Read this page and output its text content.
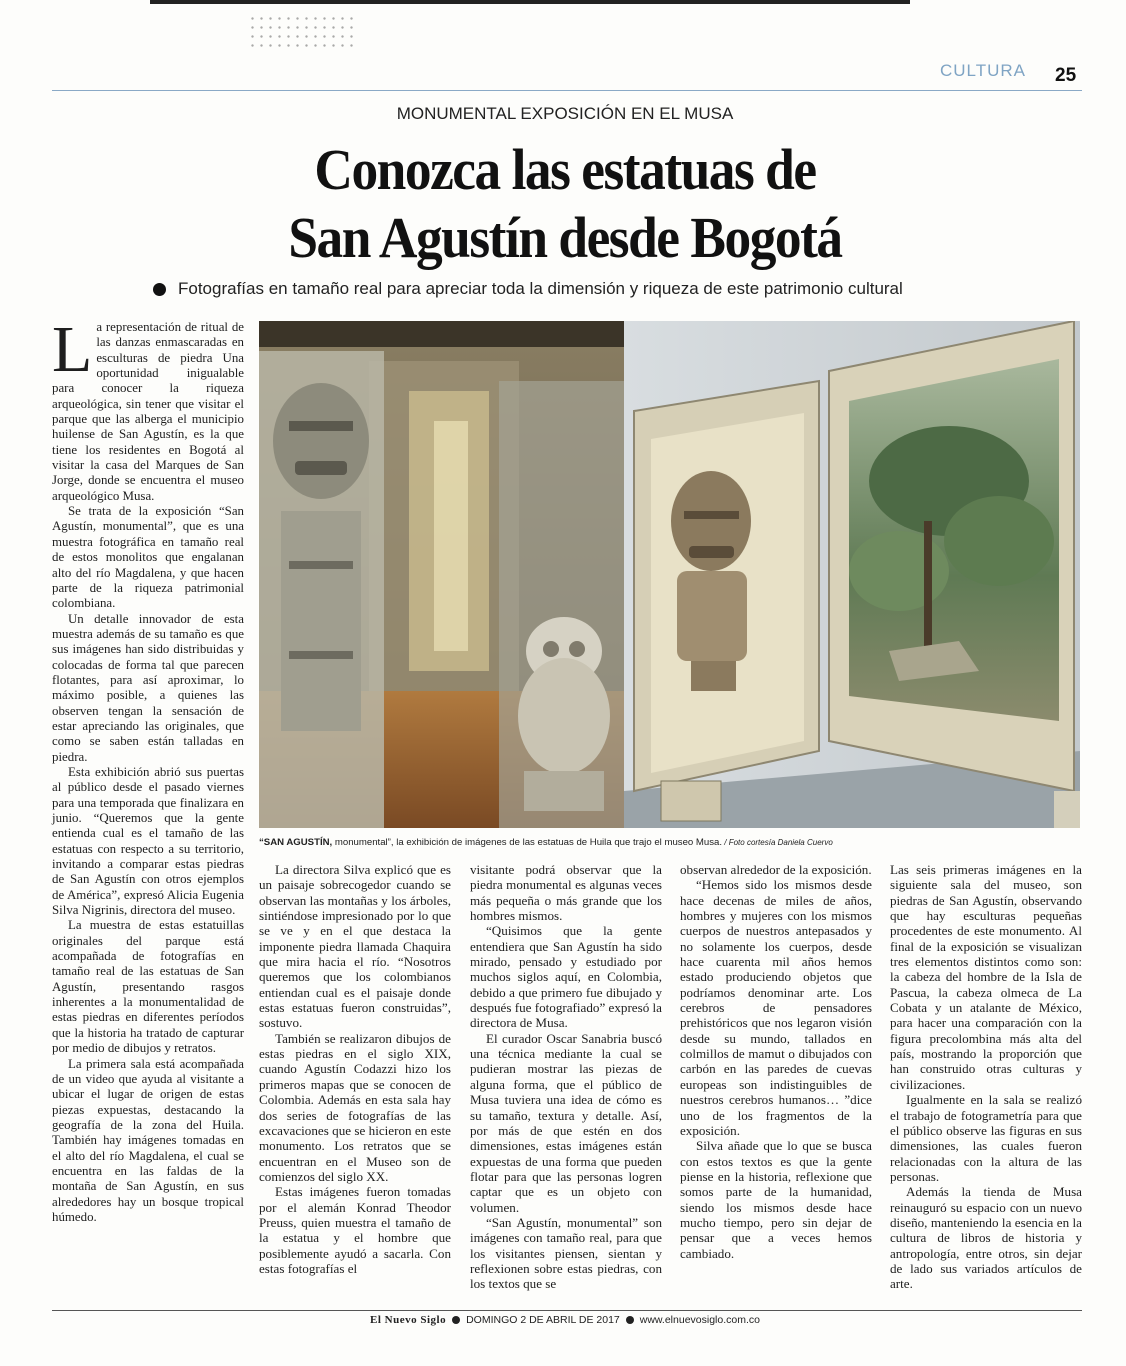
CULTURA 25
MONUMENTAL EXPOSICIÓN EN EL MUSA
Conozca las estatuas de
San Agustín desde Bogotá
Fotografías en tamaño real para apreciar toda la dimensión y riqueza de este patrimonio cultural

La representación de ritual de las danzas enmascaradas en esculturas de piedra Una oportunidad inigualable para conocer la riqueza arqueológica, sin tener que visitar el parque que las alberga el municipio huilense de San Agustín, es la que tiene los residentes en Bogotá al visitar la casa del Marques de San Jorge, donde se encuentra el museo arqueológico Musa.

Se trata de la exposición “San Agustín, monumental”, que es una muestra fotográfica en tamaño real de estos monolitos que engalanan alto del río Magdalena, y que hacen parte de la riqueza patrimonial colombiana.

Un detalle innovador de esta muestra además de su tamaño es que sus imágenes han sido distribuidas y colocadas de forma tal que parecen flotantes, para así aproximar, lo máximo posible, a quienes las observen tengan la sensación de estar apreciando las originales, que como se saben están talladas en piedra.

Esta exhibición abrió sus puertas al público desde el pasado viernes para una temporada que finalizara en junio. “Queremos que la gente entienda cual es el tamaño de las estatuas con respecto a su territorio, invitando a comparar estas piedras de San Agustín con otros ejemplos de América”, expresó Alicia Eugenia Silva Nigrinis, directora del museo.

La muestra de estas estatuillas originales del parque está acompañada de fotografías en tamaño real de las estatuas de San Agustín, presentando rasgos inherentes a la monumentalidad de estas piedras en diferentes períodos que la historia ha tratado de capturar por medio de dibujos y retratos.

La primera sala está acompañada de un video que ayuda al visitante a ubicar el lugar de origen de estas piezas expuestas, destacando la geografía de la zona del Huila. También hay imágenes tomadas en el alto del río Magdalena, el cual se encuentra en las faldas de la montaña de San Agustín, en sus alrededores hay un bosque tropical húmedo.

“SAN AGUSTÍN, monumental”, la exhibición de imágenes de las estatuas de Huila que trajo el museo Musa. / Foto cortesía Daniela Cuervo

La directora Silva explicó que es un paisaje sobrecogedor cuando se observan las montañas y los árboles, sintiéndose impresionado por lo que se ve y en el que destaca la imponente piedra llamada Chaquira que mira hacia el río. “Nosotros queremos que los colombianos entiendan cual es el paisaje donde estas estatuas fueron construidas”, sostuvo.

También se realizaron dibujos de estas piedras en el siglo XIX, cuando Agustín Codazzi hizo los primeros mapas que se conocen de Colombia. Además en esta sala hay dos series de fotografías de las excavaciones que se hicieron en este monumento. Los retratos que se encuentran en el Museo son de comienzos del siglo XX.

Estas imágenes fueron tomadas por el alemán Konrad Theodor Preuss, quien muestra el tamaño de la estatua y el hombre que posiblemente ayudó a sacarla. Con estas fotografías el

visitante podrá observar que la piedra monumental es algunas veces más pequeña o más grande que los hombres mismos.

“Quisimos que la gente entendiera que San Agustín ha sido mirado, pensado y estudiado por muchos siglos aquí, en Colombia, debido a que primero fue dibujado y después fue fotografiado” expresó la directora de Musa.

El curador Oscar Sanabria buscó una técnica mediante la cual se pudieran mostrar las piezas de alguna forma, que el público de Musa tuviera una idea de cómo es su tamaño, textura y detalle. Así, por más de que estén en dos dimensiones, estas imágenes están expuestas de una forma que pueden flotar para que las personas logren captar que es un objeto con volumen.

“San Agustín, monumental” son imágenes con tamaño real, para que los visitantes piensen, sientan y reflexionen sobre estas piedras, con los textos que se

observan alrededor de la exposición.

“Hemos sido los mismos desde hace decenas de miles de años, hombres y mujeres con los mismos cuerpos de nuestros antepasados y no solamente los cuerpos, desde hace cuarenta mil años hemos estado produciendo objetos que podríamos denominar arte. Los cerebros de pensadores prehistóricos que nos legaron visión desde su mundo, tallados en colmillos de mamut o dibujados con carbón en las paredes de cuevas europeas son indistinguibles de nuestros cerebros humanos… ”dice uno de los fragmentos de la exposición.

Silva añade que lo que se busca con estos textos es que la gente piense en la historia, reflexione que somos parte de la humanidad, siendo los mismos desde hace mucho tiempo, pero sin dejar de pensar que a veces hemos cambiado.

Las seis primeras imágenes en la siguiente sala del museo, son piedras de San Agustín, observando que hay esculturas pequeñas procedentes de este monumento. Al final de la exposición se visualizan tres elementos distintos como son: la cabeza del hombre de la Isla de Pascua, la cabeza olmeca de La Cobata y un atalante de México, para hacer una comparación con la figura precolombina más alta del país, mostrando la proporción que han construido otras culturas y civilizaciones.

Igualmente en la sala se realizó el trabajo de fotogrametría para que el público observe las figuras en sus dimensiones, las cuales fueron relacionadas con la altura de las personas.

Además la tienda de Musa reinauguró su espacio con un nuevo diseño, manteniendo la esencia en la cultura de libros de historia y antropología, entre otros, sin dejar de lado sus variados artículos de arte.

El Nuevo Siglo DOMINGO 2 DE ABRIL DE 2017 www.elnuevosiglo.com.co
